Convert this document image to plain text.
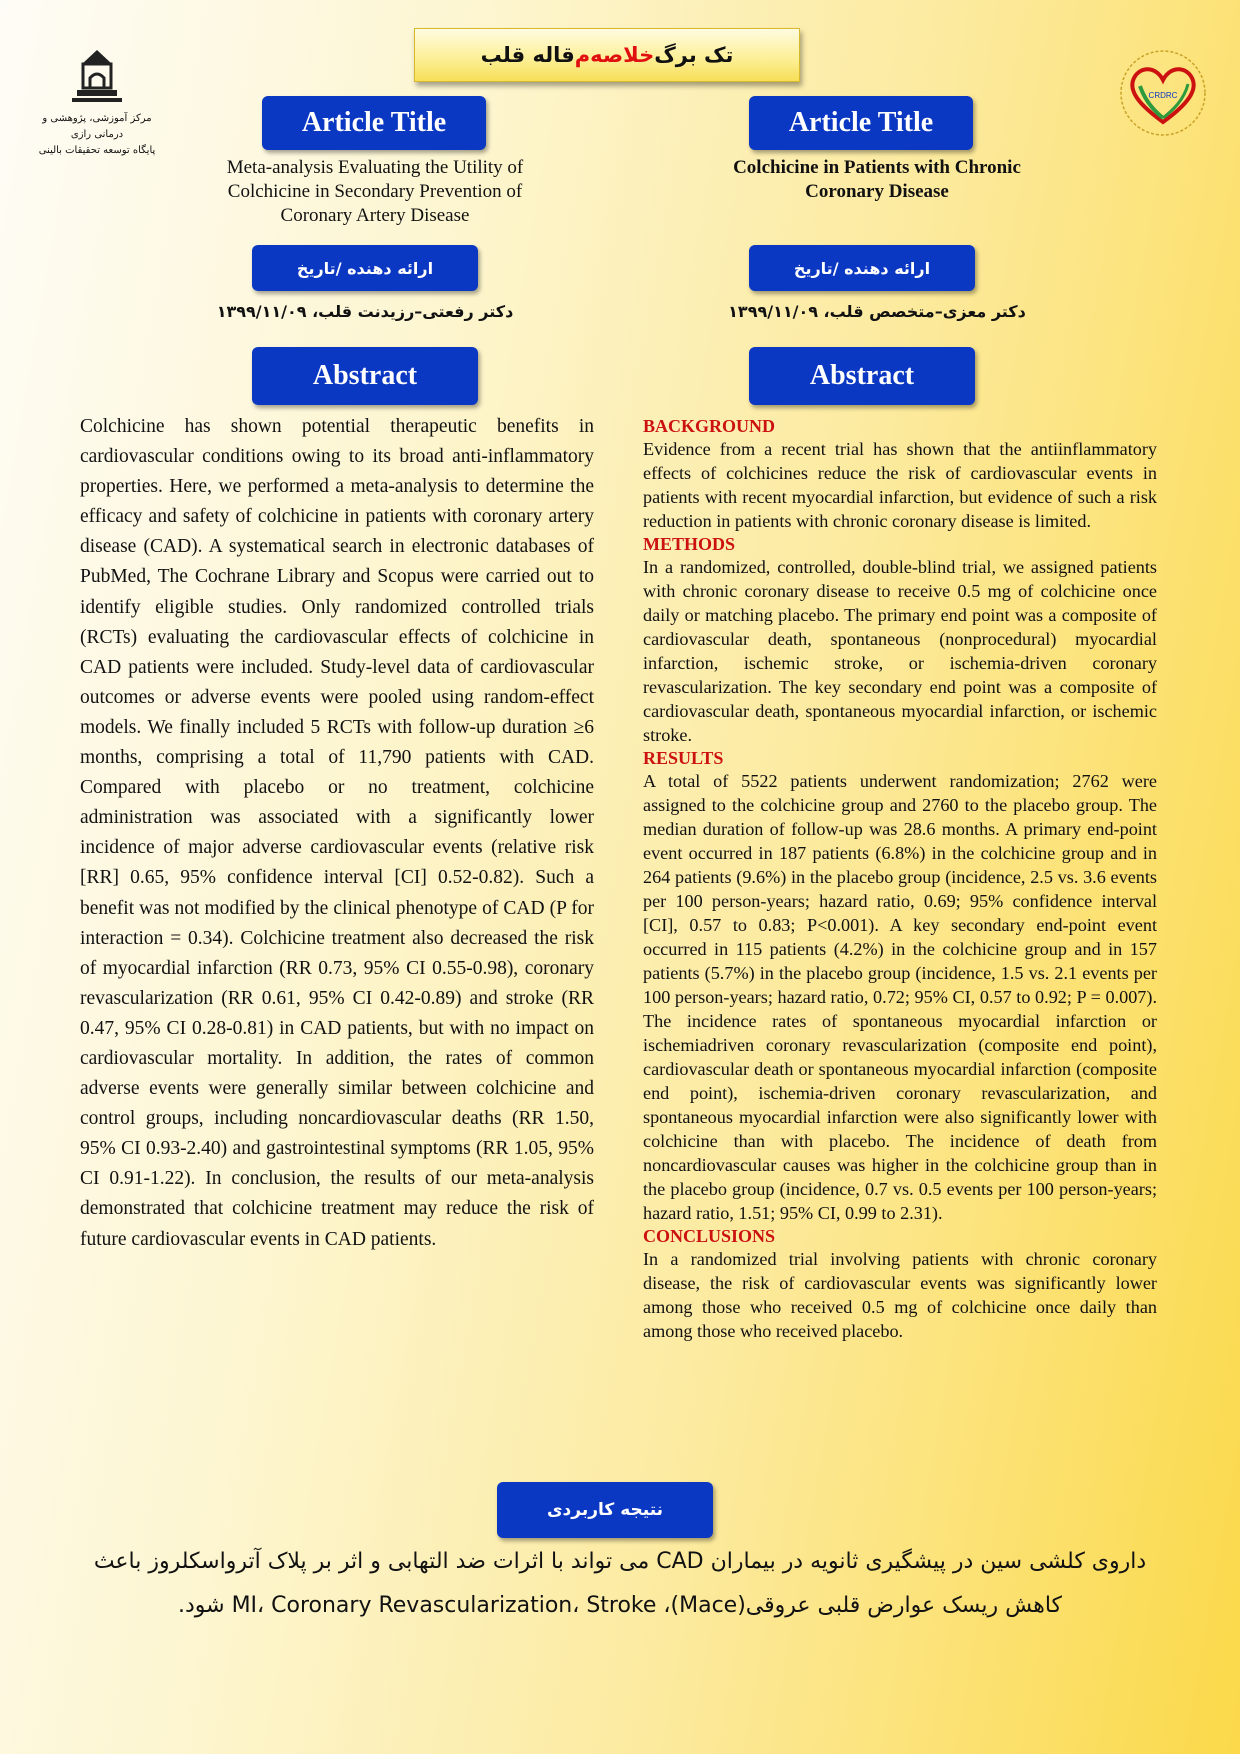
تک برگ
خلاصه
م
قاله قلب
مرکز آموزشی، پژوهشی و درمانی رازی
پایگاه توسعه تحقیقات بالینی
CRDRC
Article Title
Meta-analysis Evaluating the Utility of Colchicine in Secondary Prevention of Coronary Artery Disease
ارائه دهنده /تاریخ
دکتر رفعتی–رزیدنت قلب، ۱۳۹۹/۱۱/۰۹
Abstract
Colchicine has shown potential therapeutic benefits in cardiovascular conditions owing to its broad anti-inflammatory properties. Here, we performed a meta-analysis to determine the efficacy and safety of colchicine in patients with coronary artery disease (CAD). A systematical search in electronic databases of PubMed, The Cochrane Library and Scopus were carried out to identify eligible studies. Only randomized controlled trials (RCTs) evaluating the cardiovascular effects of colchicine in CAD patients were included. Study-level data of cardiovascular outcomes or adverse events were pooled using random-effect models. We finally included 5 RCTs with follow-up duration ≥6 months, comprising a total of 11,790 patients with CAD. Compared with placebo or no treatment, colchicine administration was associated with a significantly lower incidence of major adverse cardiovascular events (relative risk [RR] 0.65, 95% confidence interval [CI] 0.52-0.82). Such a benefit was not modified by the clinical phenotype of CAD (P for interaction = 0.34). Colchicine treatment also decreased the risk of myocardial infarction (RR 0.73, 95% CI 0.55-0.98), coronary revascularization (RR 0.61, 95% CI 0.42-0.89) and stroke (RR 0.47, 95% CI 0.28-0.81) in CAD patients, but with no impact on cardiovascular mortality. In addition, the rates of common adverse events were generally similar between colchicine and control groups, including noncardiovascular deaths (RR 1.50, 95% CI 0.93-2.40) and gastrointestinal symptoms (RR 1.05, 95% CI 0.91-1.22). In conclusion, the results of our meta-analysis demonstrated that colchicine treatment may reduce the risk of future cardiovascular events in CAD patients.
Article Title
Colchicine in Patients with Chronic Coronary Disease
ارائه دهنده /تاریخ
دکتر معزی–متخصص قلب، ۱۳۹۹/۱۱/۰۹
Abstract
BACKGROUND

Evidence from a recent trial has shown that the antiinflammatory effects of colchicines reduce the risk of cardiovascular events in patients with recent myocardial infarction, but evidence of such a risk reduction in patients with chronic coronary disease is limited.

METHODS

In a randomized, controlled, double-blind trial, we assigned patients with chronic coronary disease to receive 0.5 mg of colchicine once daily or matching placebo. The primary end point was a composite of cardiovascular death, spontaneous (nonprocedural) myocardial infarction, ischemic stroke, or ischemia-driven coronary revascularization. The key secondary end point was a composite of cardiovascular death, spontaneous myocardial infarction, or ischemic stroke.

RESULTS

A total of 5522 patients underwent randomization; 2762 were assigned to the colchicine group and 2760 to the placebo group. The median duration of follow-up was 28.6 months. A primary end-point event occurred in 187 patients (6.8%) in the colchicine group and in 264 patients (9.6%) in the placebo group (incidence, 2.5 vs. 3.6 events per 100 person-years; hazard ratio, 0.69; 95% confidence interval [CI], 0.57 to 0.83; P<0.001). A key secondary end-point event occurred in 115 patients (4.2%) in the colchicine group and in 157 patients (5.7%) in the placebo group (incidence, 1.5 vs. 2.1 events per 100 person-years; hazard ratio, 0.72; 95% CI, 0.57 to 0.92; P = 0.007). The incidence rates of spontaneous myocardial infarction or ischemiadriven coronary revascularization (composite end point), cardiovascular death or spontaneous myocardial infarction (composite end point), ischemia-driven coronary revascularization, and spontaneous myocardial infarction were also significantly lower with colchicine than with placebo. The incidence of death from noncardiovascular causes was higher in the colchicine group than in the placebo group (incidence, 0.7 vs. 0.5 events per 100 person-years; hazard ratio, 1.51; 95% CI, 0.99 to 2.31).

CONCLUSIONS

In a randomized trial involving patients with chronic coronary disease, the risk of cardiovascular events was significantly lower among those who received 0.5 mg of colchicine once daily than among those who received placebo.

نتیجه کاربردی
داروی کلشی سین در پیشگیری ثانویه در بیماران CAD می تواند با اثرات ضد التهابی و اثر بر پلاک آترواسکلروز باعث
کاهش ریسک عوارض قلبی عروقی(Mace)، MI، Coronary Revascularization، Stroke شود.
